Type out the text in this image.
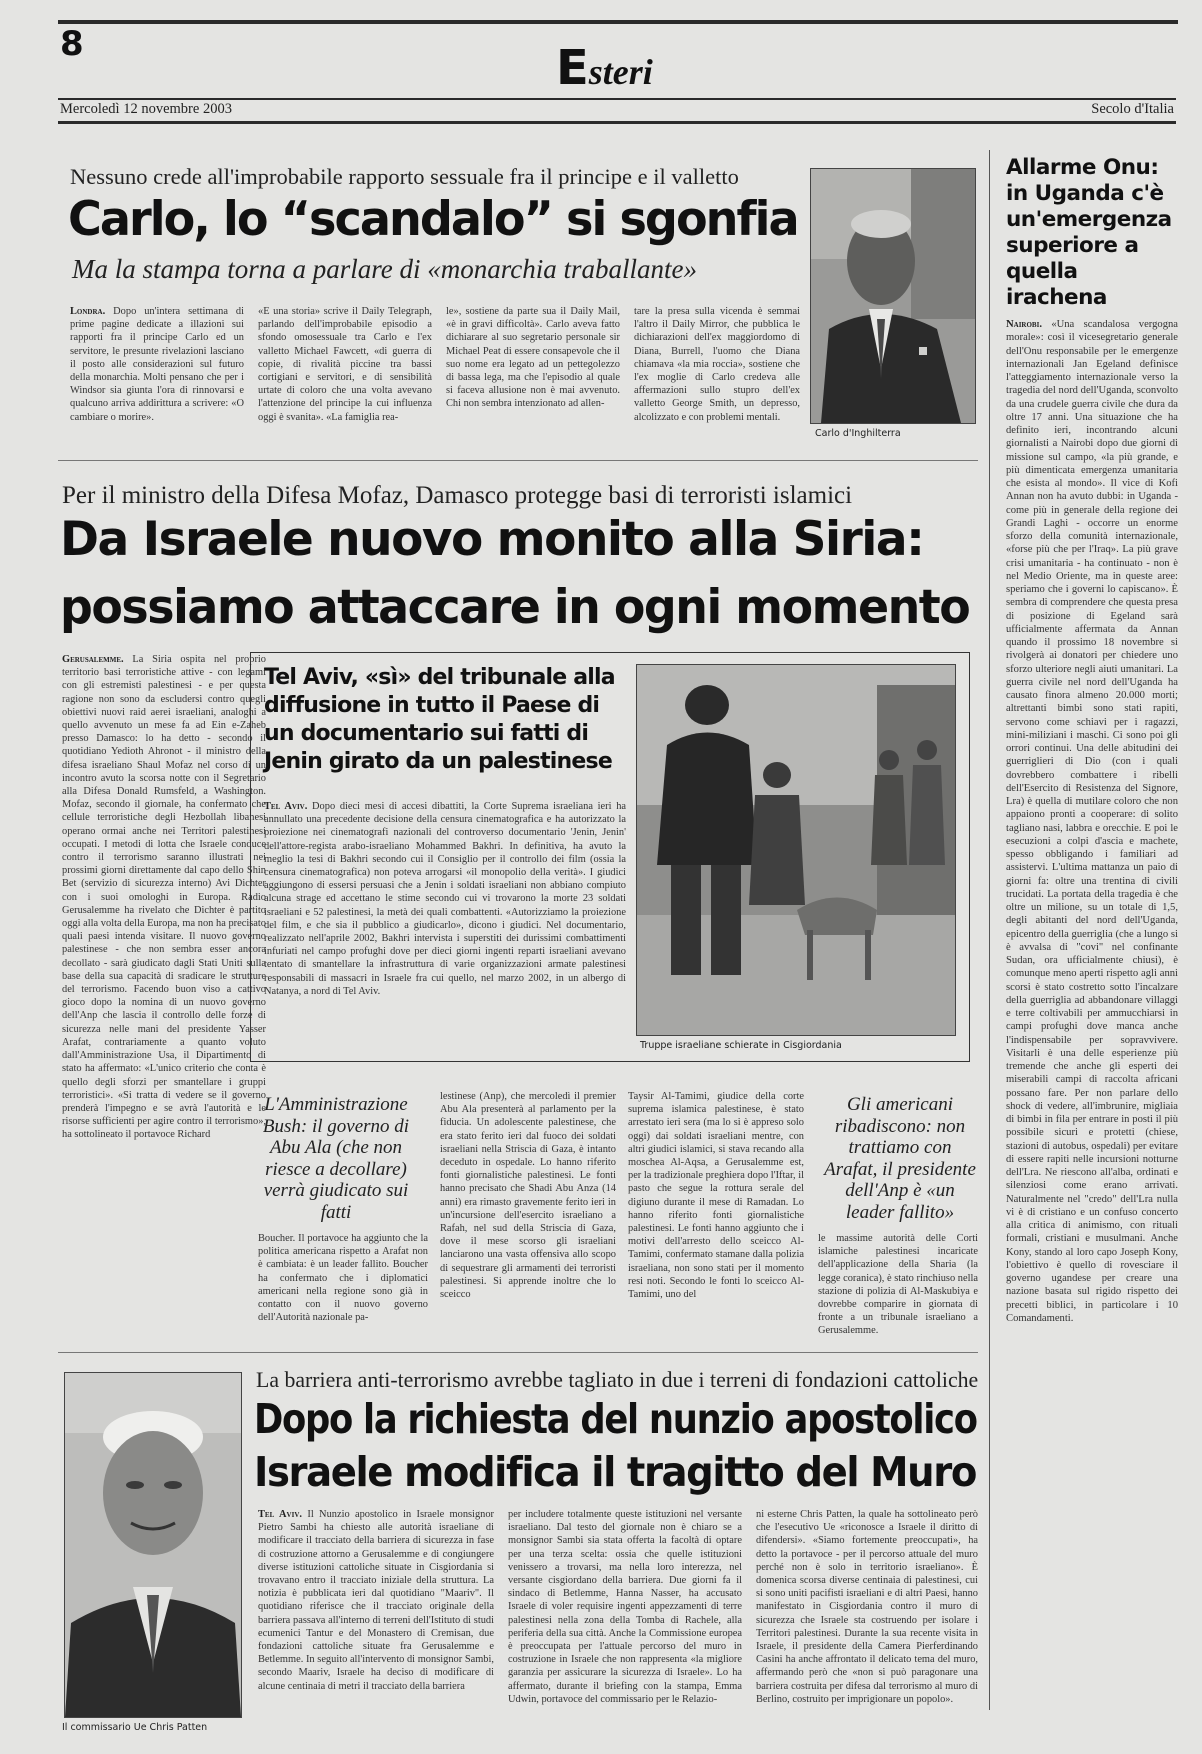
8	Esteri
Mercoledì 12 novembre 2003	Secolo d'Italia
Nessuno crede all'improbabile rapporto sessuale fra il principe e il valletto
Carlo, lo “scandalo” si sgonfia
Ma la stampa torna a parlare di «monarchia traballante»
Londra. Dopo un'intera settimana di prime pagine dedicate a illazioni sui rapporti fra il principe Carlo ed un servitore, le presunte rivelazioni lasciano il posto alle considerazioni sul futuro della monarchia. Molti pensano che per i Windsor sia giunta l'ora di rinnovarsi e qualcuno arriva addirittura a scrivere: «O cambiare o morire».
«E una storia» scrive il Daily Telegraph, parlando dell'improbabile episodio a sfondo omosessuale tra Carlo e l'ex valletto Michael Fawcett, «di guerra di copie, di rivalità piccine tra bassi cortigiani e servitori, e di sensibilità urtate di coloro che una volta avevano l'attenzione del principe la cui influenza oggi è svanita». «La famiglia rea-
le», sostiene da parte sua il Daily Mail, «è in gravi difficoltà». Carlo aveva fatto dichiarare al suo segretario personale sir Michael Peat di essere consapevole che il suo nome era legato ad un pettegolezzo di bassa lega, ma che l'episodio al quale si faceva allusione non è mai avvenuto. Chi non sembra intenzionato ad allen-
tare la presa sulla vicenda è semmai l'altro il Daily Mirror, che pubblica le dichiarazioni dell'ex maggiordomo di Diana, Burrell, l'uomo che Diana chiamava «la mia roccia», sostiene che l'ex moglie di Carlo credeva alle affermazioni sullo stupro dell'ex valletto George Smith, un depresso, alcolizzato e con problemi mentali.
Carlo d'Inghilterra
Allarme Onu: in Uganda c'è un'emergenza superiore a quella irachena
Nairobi. «Una scandalosa vergogna morale»: così il vicesegretario generale dell'Onu responsabile per le emergenze internazionali Jan Egeland definisce l'atteggiamento internazionale verso la tragedia del nord dell'Uganda, sconvolto da una crudele guerra civile che dura da oltre 17 anni. Una situazione che ha definito ieri, incontrando alcuni giornalisti a Nairobi dopo due giorni di missione sul campo, «la più grande, e più dimenticata emergenza umanitaria che esista al mondo». Il vice di Kofi Annan non ha avuto dubbi: in Uganda - come più in generale della regione dei Grandi Laghi - occorre un enorme sforzo della comunità internazionale, «forse più che per l'Iraq». La più grave crisi umanitaria - ha continuato - non è nel Medio Oriente, ma in queste aree: speriamo che i governi lo capiscano». È sembra di comprendere che questa presa di posizione di Egeland sarà ufficialmente affermata da Annan quando il prossimo 18 novembre si rivolgerà ai donatori per chiedere uno sforzo ulteriore negli aiuti umanitari. La guerra civile nel nord dell'Uganda ha causato finora almeno 20.000 morti; altrettanti bimbi sono stati rapiti, servono come schiavi per i ragazzi, mini-miliziani i maschi. Ci sono poi gli orrori continui. Una delle abitudini dei guerriglieri di Dio (con i quali dovrebbero combattere i ribelli dell'Esercito di Resistenza del Signore, Lra) è quella di mutilare coloro che non appaiono pronti a cooperare: di solito tagliano nasi, labbra e orecchie. E poi le esecuzioni a colpi d'ascia e machete, spesso obbligando i familiari ad assistervi. L'ultima mattanza un paio di giorni fa: oltre una trentina di civili trucidati. La portata della tragedia è che oltre un milione, su un totale di 1,5, degli abitanti del nord dell'Uganda, epicentro della guerriglia (che a lungo si è avvalsa di "covi" nel confinante Sudan, ora ufficialmente chiusi), è comunque meno aperti rispetto agli anni scorsi è stato costretto sotto l'incalzare della guerriglia ad abbandonare villaggi e terre coltivabili per ammucchiarsi in campi profughi dove manca anche l'indispensabile per sopravvivere. Visitarli è una delle esperienze più tremende che anche gli esperti dei miserabili campi di raccolta africani possano fare. Per non parlare dello shock di vedere, all'imbrunire, migliaia di bimbi in fila per entrare in posti il più possibile sicuri e protetti (chiese, stazioni di autobus, ospedali) per evitare di essere rapiti nelle incursioni notturne dell'Lra. Ne riescono all'alba, ordinati e silenziosi come erano arrivati. Naturalmente nel "credo" dell'Lra nulla vi è di cristiano e un confuso concerto alla critica di animismo, con rituali formali, cristiani e musulmani. Anche Kony, stando al loro capo Joseph Kony, l'obiettivo è quello di rovesciare il governo ugandese per creare una nazione basata sul rigido rispetto dei precetti biblici, in particolare i 10 Comandamenti.
Per il ministro della Difesa Mofaz, Damasco protegge basi di terroristi islamici
Da Israele nuovo monito alla Siria:
possiamo attaccare in ogni momento
Gerusalemme. La Siria ospita nel proprio territorio basi terroristiche attive - con legami con gli estremisti palestinesi - e per questa ragione non sono da escludersi contro quegli obiettivi nuovi raid aerei israeliani, analoghi a quello avvenuto un mese fa ad Ein e-Zaheb presso Damasco: lo ha detto - secondo il quotidiano Yedioth Ahronot - il ministro della difesa israeliano Shaul Mofaz nel corso di un incontro avuto la scorsa notte con il Segretario alla Difesa Donald Rumsfeld, a Washington. Mofaz, secondo il giornale, ha confermato che cellule terroristiche degli Hezbollah libanesi operano ormai anche nei Territori palestinesi occupati. I metodi di lotta che Israele conduce contro il terrorismo saranno illustrati nei prossimi giorni direttamente dal capo dello Shin Bet (servizio di sicurezza interno) Avi Dichter con i suoi omologhi in Europa. Radio Gerusalemme ha rivelato che Dichter è partito oggi alla volta della Europa, ma non ha precisato quali paesi intenda visitare. Il nuovo governo palestinese - che non sembra esser ancora decollato - sarà giudicato dagli Stati Uniti sulla base della sua capacità di sradicare le strutture del terrorismo. Facendo buon viso a cattivo gioco dopo la nomina di un nuovo governo dell'Anp che lascia il controllo delle forze di sicurezza nelle mani del presidente Yasser Arafat, contrariamente a quanto voluto dall'Amministrazione Usa, il Dipartimento di stato ha affermato: «L'unico criterio che conta è quello degli sforzi per smantellare i gruppi terroristici». «Si tratta di vedere se il governo prenderà l'impegno e se avrà l'autorità e le risorse sufficienti per agire contro il terrorismo», ha sottolineato il portavoce Richard
Tel Aviv, «sì» del tribunale alla diffusione in tutto il Paese di un documentario sui fatti di Jenin girato da un palestinese
Tel Aviv. Dopo dieci mesi di accesi dibattiti, la Corte Suprema israeliana ieri ha annullato una precedente decisione della censura cinematografica e ha autorizzato la proiezione nei cinematografi nazionali del controverso documentario 'Jenin, Jenin' dell'attore-regista arabo-israeliano Mohammed Bakhri. In definitiva, ha avuto la meglio la tesi di Bakhri secondo cui il Consiglio per il controllo dei film (ossia la censura cinematografica) non poteva arrogarsi «il monopolio della verità». I giudici aggiungono di essersi persuasi che a Jenin i soldati israeliani non abbiano compiuto alcuna strage ed accettano le stime secondo cui vi trovarono la morte 23 soldati israeliani e 52 palestinesi, la metà dei quali combattenti. «Autorizziamo la proiezione del film, e che sia il pubblico a giudicarlo», dicono i giudici. Nel documentario, realizzato nell'aprile 2002, Bakhri intervista i superstiti dei durissimi combattimenti infuriati nel campo profughi dove per dieci giorni ingenti reparti israeliani avevano tentato di smantellare la infrastruttura di varie organizzazioni armate palestinesi responsabili di massacri in Israele fra cui quello, nel marzo 2002, in un albergo di Natanya, a nord di Tel Aviv.
Truppe israeliane schierate in Cisgiordania
L'Amministrazione Bush: il governo di Abu Ala (che non riesce a decollare) verrà giudicato sui fatti
Boucher. Il portavoce ha aggiunto che la politica americana rispetto a Arafat non è cambiata: è un leader fallito. Boucher ha confermato che i diplomatici americani nella regione sono già in contatto con il nuovo governo dell'Autorità nazionale pa-
lestinese (Anp), che mercoledì il premier Abu Ala presenterà al parlamento per la fiducia. Un adolescente palestinese, che era stato ferito ieri dal fuoco dei soldati israeliani nella Striscia di Gaza, è intanto deceduto in ospedale. Lo hanno riferito fonti giornalistiche palestinesi. Le fonti hanno precisato che Shadi Abu Anza (14 anni) era rimasto gravemente ferito ieri in un'incursione dell'esercito israeliano a Rafah, nel sud della Striscia di Gaza, dove il mese scorso gli israeliani lanciarono una vasta offensiva allo scopo di sequestrare gli armamenti dei terroristi palestinesi. Si apprende inoltre che lo sceicco
Taysir Al-Tamimi, giudice della corte suprema islamica palestinese, è stato arrestato ieri sera (ma lo si è appreso solo oggi) dai soldati israeliani mentre, con altri giudici islamici, si stava recando alla moschea Al-Aqsa, a Gerusalemme est, per la tradizionale preghiera dopo l'Iftar, il pasto che segue la rottura serale del digiuno durante il mese di Ramadan. Lo hanno riferito fonti giornalistiche palestinesi. Le fonti hanno aggiunto che i motivi dell'arresto dello sceicco Al-Tamimi, confermato stamane dalla polizia israeliana, non sono stati per il momento resi noti. Secondo le fonti lo sceicco Al-Tamimi, uno del
Gli americani ribadiscono: non trattiamo con Arafat, il presidente dell'Anp è «un leader fallito»
le massime autorità delle Corti islamiche palestinesi incaricate dell'applicazione della Sharia (la legge coranica), è stato rinchiuso nella stazione di polizia di Al-Maskubiya e dovrebbe comparire in giornata di fronte a un tribunale israeliano a Gerusalemme.
Il commissario Ue Chris Patten
La barriera anti-terrorismo avrebbe tagliato in due i terreni di fondazioni cattoliche
Dopo la richiesta del nunzio apostolico
Israele modifica il tragitto del Muro
Tel Aviv. Il Nunzio apostolico in Israele monsignor Pietro Sambi ha chiesto alle autorità israeliane di modificare il tracciato della barriera di sicurezza in fase di costruzione attorno a Gerusalemme e di congiungere diverse istituzioni cattoliche situate in Cisgiordania si trovavano entro il tracciato iniziale della struttura. La notizia è pubblicata ieri dal quotidiano "Maariv". Il quotidiano riferisce che il tracciato originale della barriera passava all'interno di terreni dell'Istituto di studi ecumenici Tantur e del Monastero di Cremisan, due fondazioni cattoliche situate fra Gerusalemme e Betlemme. In seguito all'intervento di monsignor Sambi, secondo Maariv, Israele ha deciso di modificare di alcune centinaia di metri il tracciato della barriera
per includere totalmente queste istituzioni nel versante israeliano. Dal testo del giornale non è chiaro se a monsignor Sambi sia stata offerta la facoltà di optare per una terza scelta: ossia che quelle istituzioni venissero a trovarsi, ma nella loro interezza, nel versante cisgiordano della barriera. Due giorni fa il sindaco di Betlemme, Hanna Nasser, ha accusato Israele di voler requisire ingenti appezzamenti di terre palestinesi nella zona della Tomba di Rachele, alla periferia della sua città. Anche la Commissione europea è preoccupata per l'attuale percorso del muro in costruzione in Israele che non rappresenta «la migliore garanzia per assicurare la sicurezza di Israele». Lo ha affermato, durante il briefing con la stampa, Emma Udwin, portavoce del commissario per le Relazio-
ni esterne Chris Patten, la quale ha sottolineato però che l'esecutivo Ue «riconosce a Israele il diritto di difendersi». «Siamo fortemente preoccupati», ha detto la portavoce - per il percorso attuale del muro perché non è solo in territorio israeliano». È domenica scorsa diverse centinaia di palestinesi, cui si sono uniti pacifisti israeliani e di altri Paesi, hanno manifestato in Cisgiordania contro il muro di sicurezza che Israele sta costruendo per isolare i Territori palestinesi. Durante la sua recente visita in Israele, il presidente della Camera Pierferdinando Casini ha anche affrontato il delicato tema del muro, affermando però che «non si può paragonare una barriera costruita per difesa dal terrorismo al muro di Berlino, costruito per imprigionare un popolo».
